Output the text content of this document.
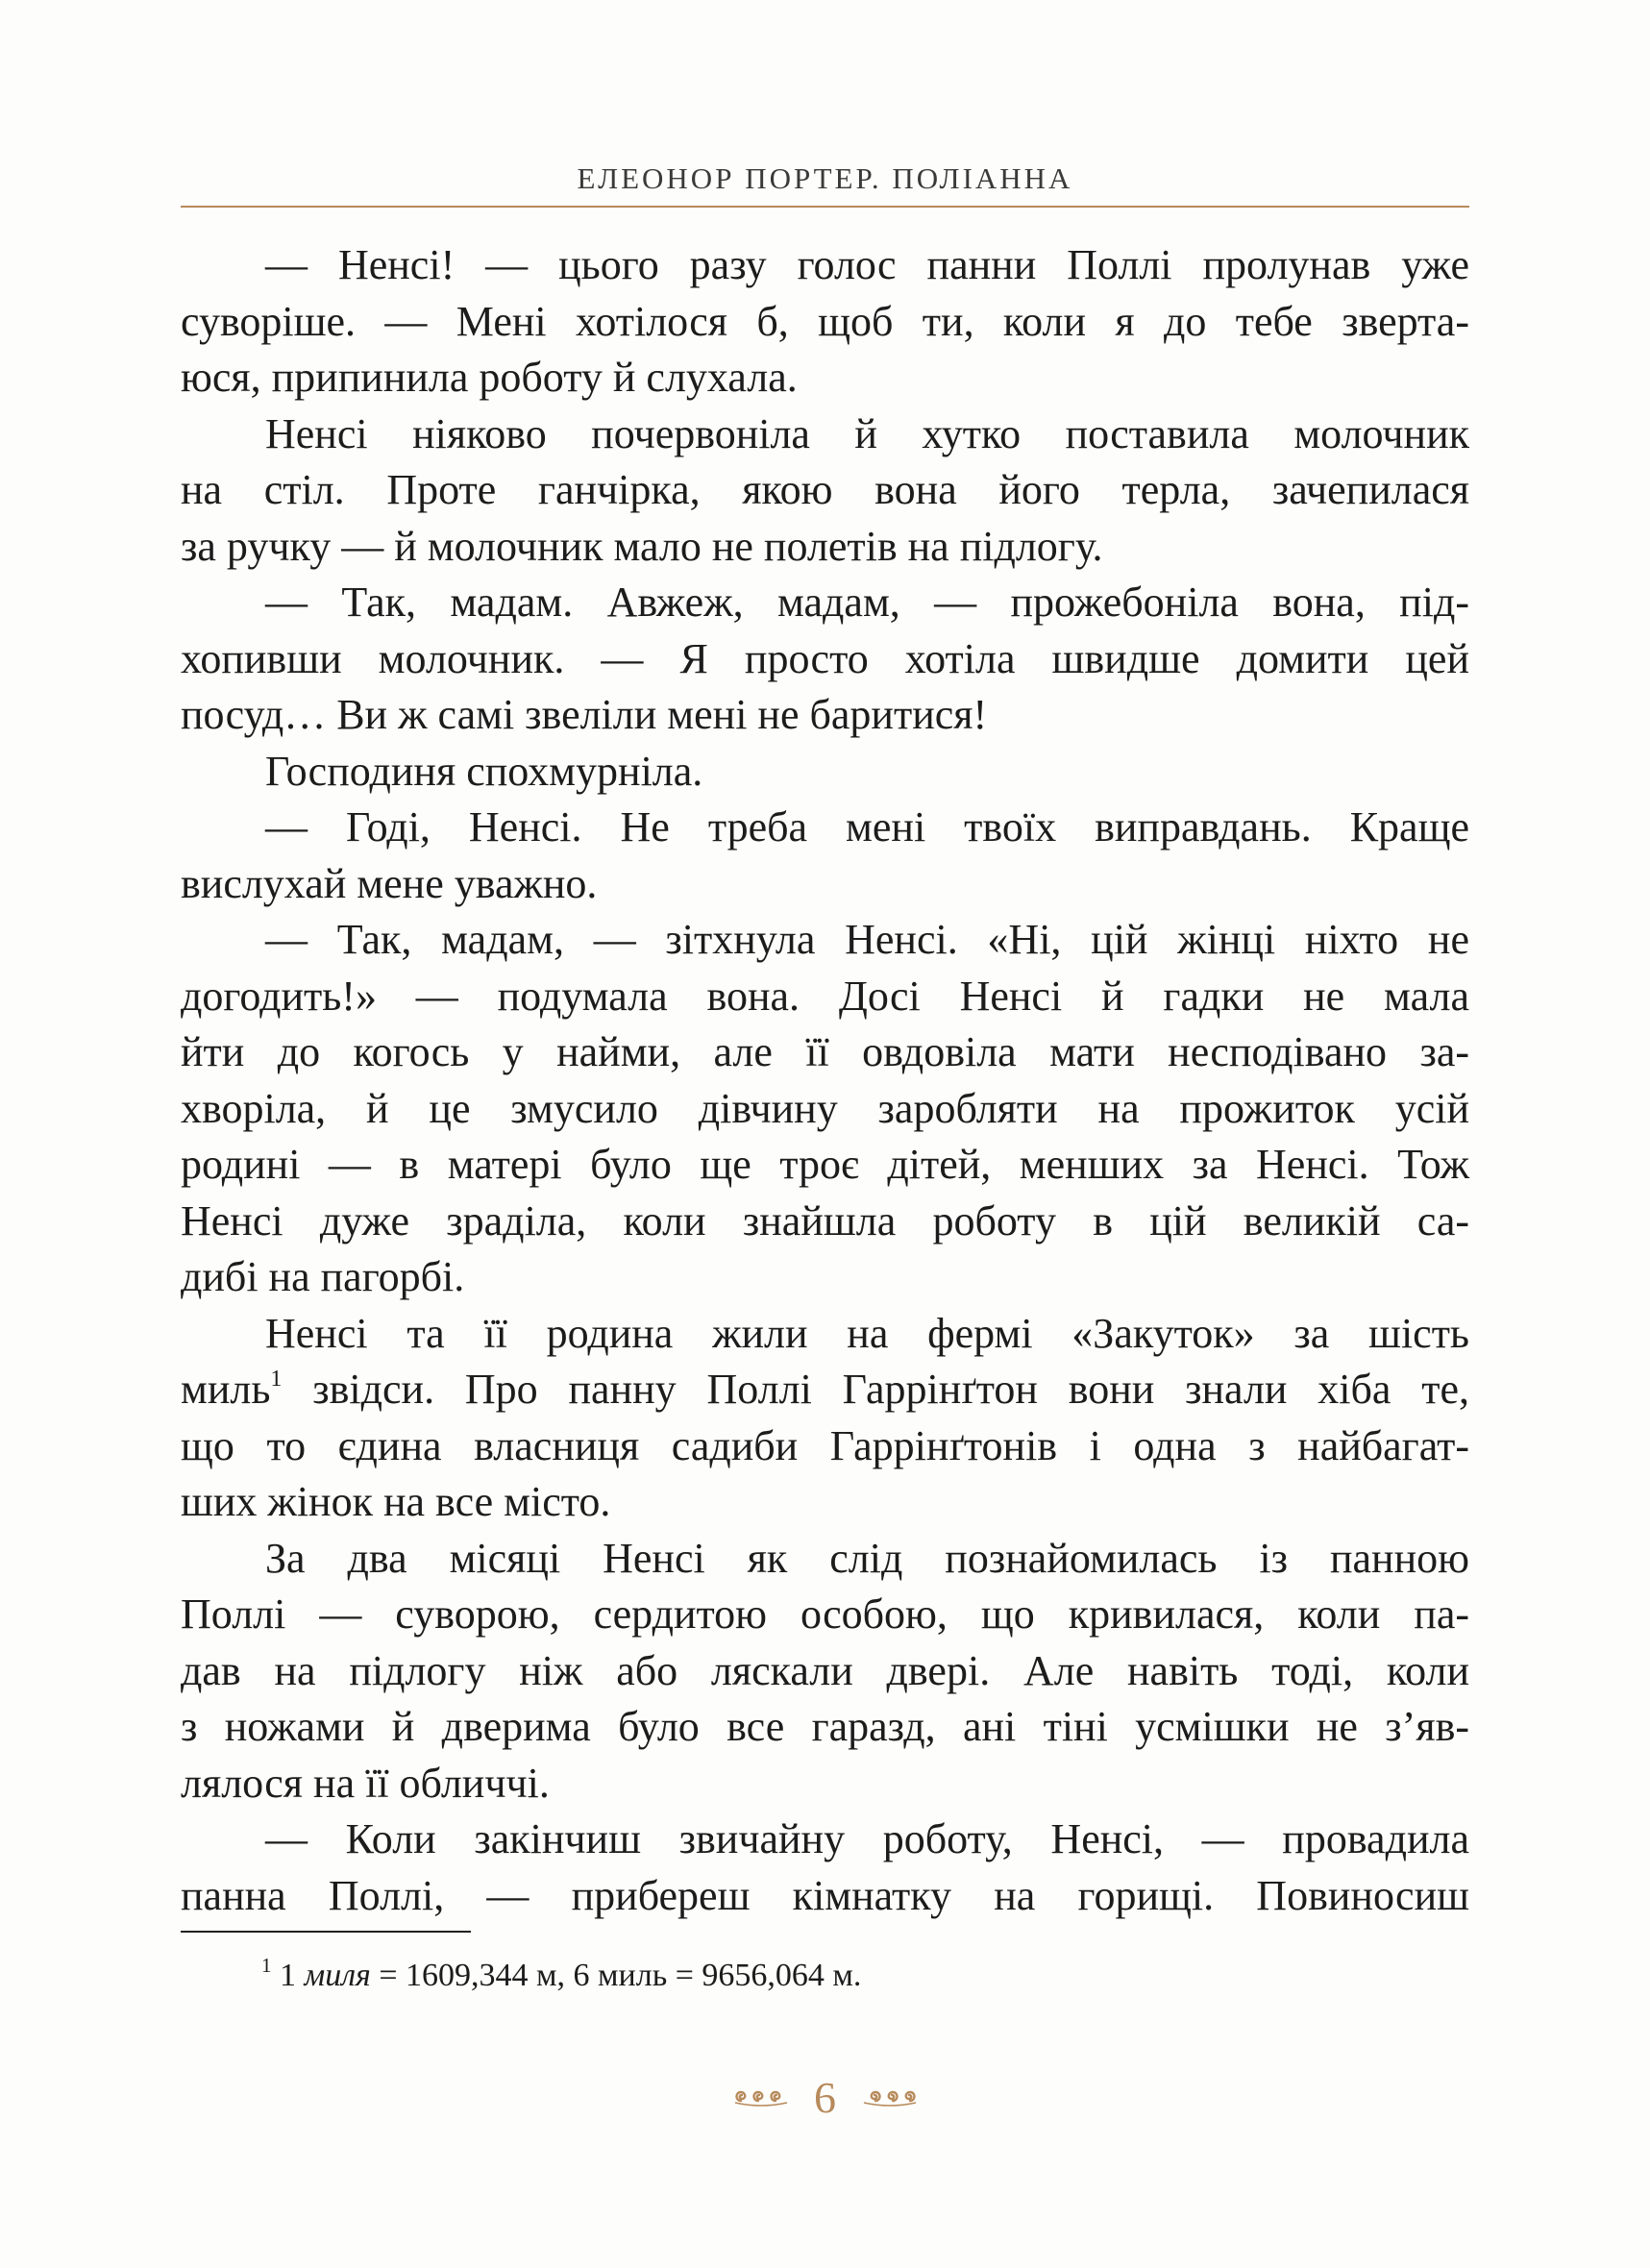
ЕЛЕОНОР ПОРТЕР. ПОЛІАННА
— Ненсі! — цього разу голос панни Поллі пролунав уже
суворіше. — Мені хотілося б, щоб ти, коли я до тебе зверта-
юся, припинила роботу й слухала.
Ненсі ніяково почервоніла й хутко поставила молочник
на стіл. Проте ганчірка, якою вона його терла, зачепилася
за ручку — й молочник мало не полетів на підлогу.
— Так, мадам. Авжеж, мадам, — прожебоніла вона, під-
хопивши молочник. — Я просто хотіла швидше домити цей
посуд… Ви ж самі звеліли мені не баритися!
Господиня спохмурніла.
— Годі, Ненсі. Не треба мені твоїх виправдань. Краще
вислухай мене уважно.
— Так, мадам, — зітхнула Ненсі. «Ні, цій жінці ніхто не
догодить!» — подумала вона. Досі Ненсі й гадки не мала
йти до когось у найми, але її овдовіла мати несподівано за-
хворіла, й це змусило дівчину заробляти на прожиток усій
родині — в матері було ще троє дітей, менших за Ненсі. Тож
Ненсі дуже зраділа, коли знайшла роботу в цій великій са-
дибі на пагорбі.
Ненсі та її родина жили на фермі «Закуток» за шість
миль$^1$ звідси. Про панну Поллі Гаррінґтон вони знали хіба те,
що то єдина власниця садиби Гаррінґтонів і одна з найбагат-
ших жінок на все місто.
За два місяці Ненсі як слід познайомилась із панною
Поллі — суворою, сердитою особою, що кривилася, коли па-
дав на підлогу ніж або ляскали двері. Але навіть тоді, коли
з ножами й дверима було все гаразд, ані тіні усмішки не з’яв-
лялося на її обличчі.
— Коли закінчиш звичайну роботу, Ненсі, — провадила
панна Поллі, — прибереш кімнатку на горищі. Повиносиш
$^1$ 1 миля = 1609,344 м, 6 миль = 9656,064 м.
6
